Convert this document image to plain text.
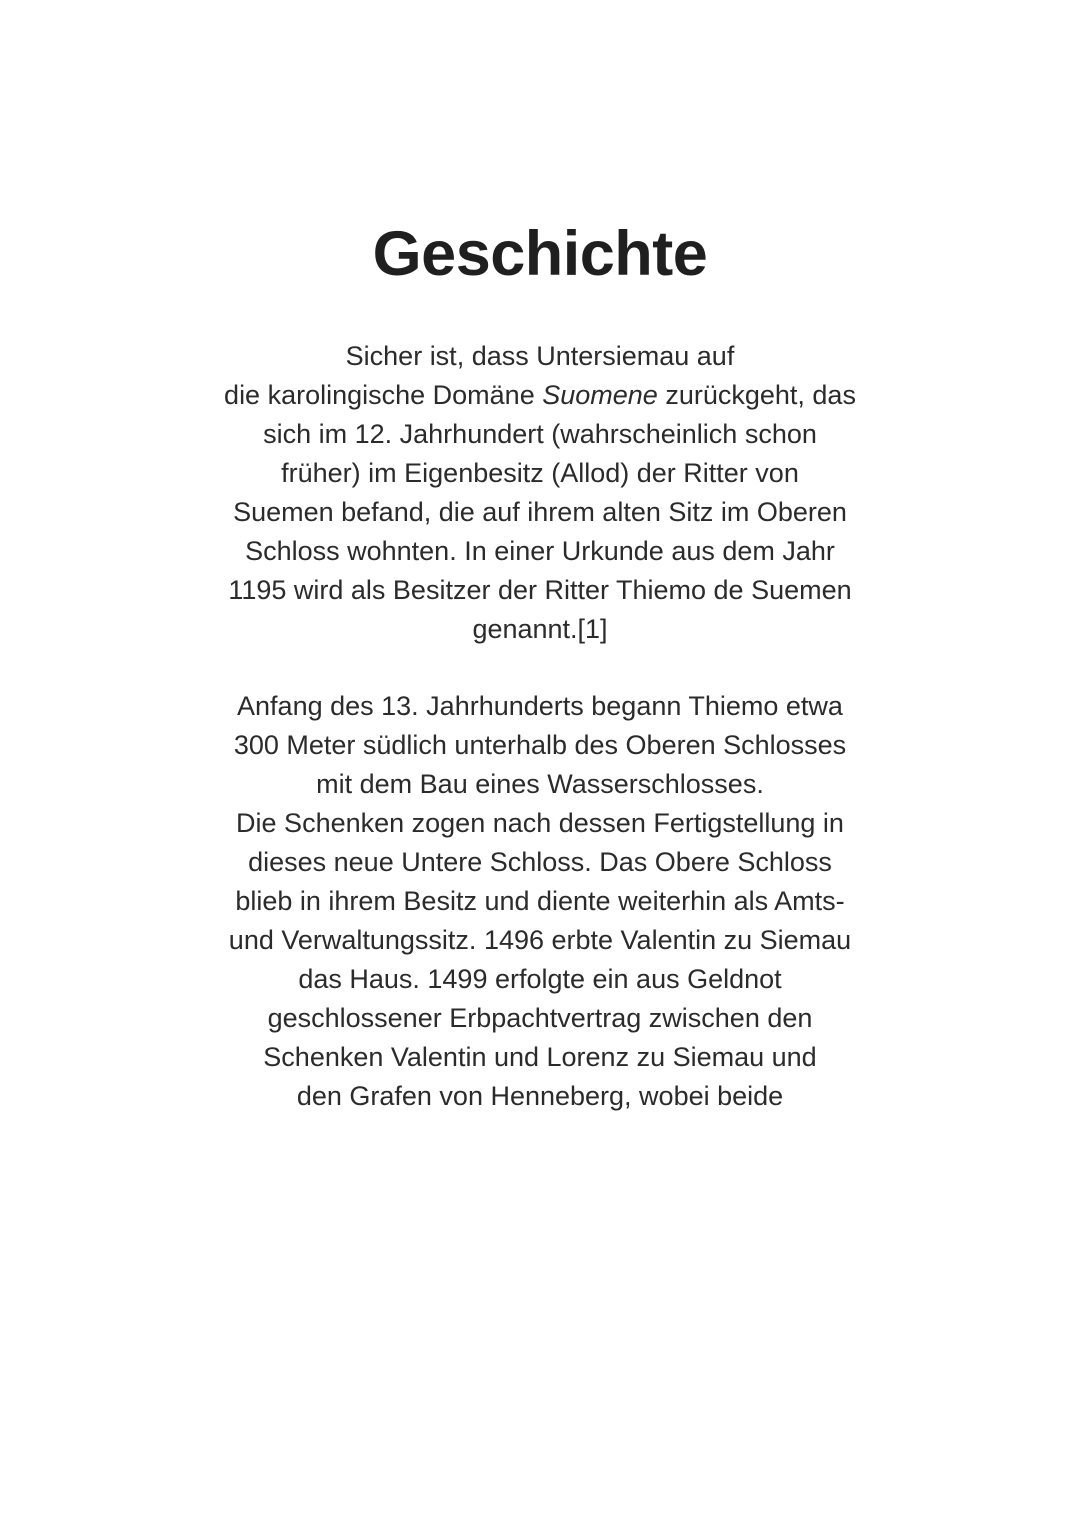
Geschichte

Sicher ist, dass Untersiemau auf
die karolingische Domäne Suomene zurückgeht, das
sich im 12. Jahrhundert (wahrscheinlich schon
früher) im Eigenbesitz (Allod) der Ritter von
Suemen befand, die auf ihrem alten Sitz im Oberen
Schloss wohnten. In einer Urkunde aus dem Jahr
1195 wird als Besitzer der Ritter Thiemo de Suemen
genannt.[1]

Anfang des 13. Jahrhunderts begann Thiemo etwa
300 Meter südlich unterhalb des Oberen Schlosses
mit dem Bau eines Wasserschlosses.
Die Schenken zogen nach dessen Fertigstellung in
dieses neue Untere Schloss. Das Obere Schloss
blieb in ihrem Besitz und diente weiterhin als Amts-
und Verwaltungssitz. 1496 erbte Valentin zu Siemau
das Haus. 1499 erfolgte ein aus Geldnot
geschlossener Erbpachtvertrag zwischen den
Schenken Valentin und Lorenz zu Siemau und
den Grafen von Henneberg, wobei beide
